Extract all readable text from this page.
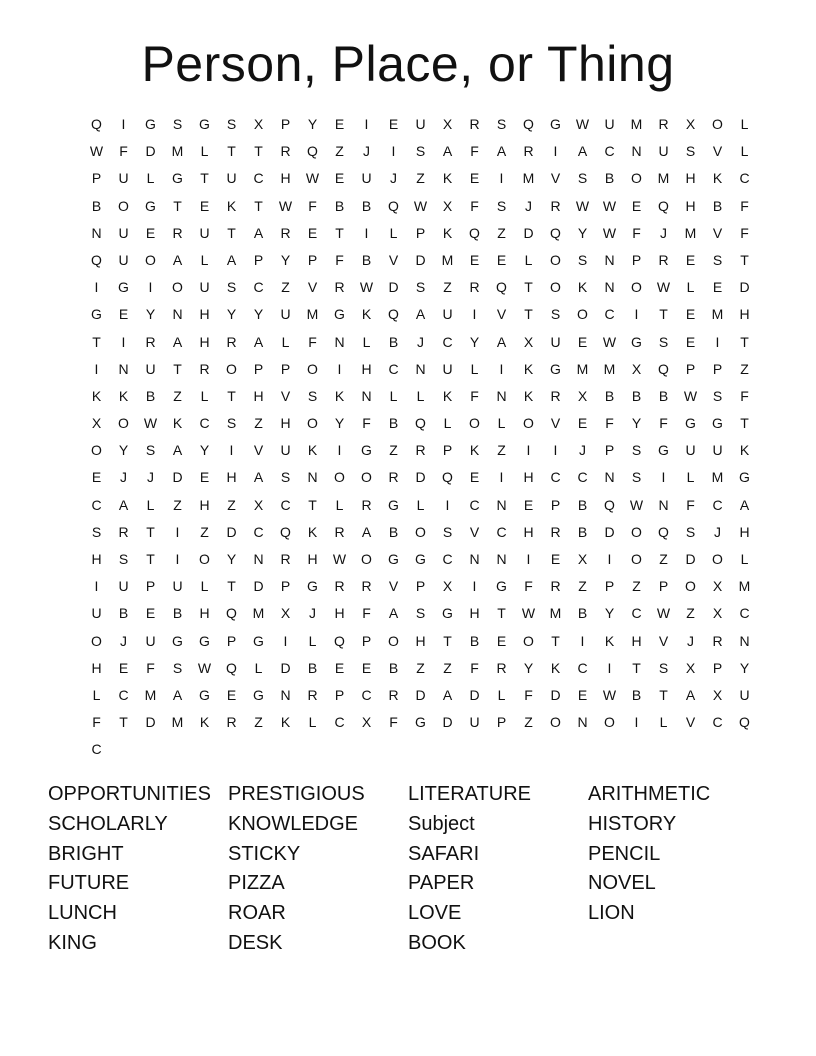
Person, Place, or Thing
Q	I	G	S	G	S	X	P	Y	E	I	E	U	X	R	S	Q	G	W	U	M	R	X	O	L
W	F	D	M	L	T	T	R	Q	Z	J	I	S	A	F	A	R	I	A	C	N	U	S	V	L
P	U	L	G	T	U	C	H	W	E	U	J	Z	K	E	I	M	V	S	B	O	M	H	K	C
B	O	G	T	E	K	T	W	F	B	B	Q	W	X	F	S	J	R	W W	E	Q	H	B	F
N	U	E	R	U	T	A	R	E	T	I	L	P	K	Q	Z	D	Q	Y	W	F	J	M	V	F
Q	U	O	A	L	A	P	Y	P	F	B	V	D	M	E	E	L	O	S	N	P	R	E	S	T
I	G	I	O	U	S	C	Z	V	R	W	D	S	Z	R	Q	T	O	K	N	O	W	L	E	D
G	E	Y	N	H	Y	Y	U	M	G	K	Q	A	U	I	V	T	S	O	C	I	T	E	M	H
T	I	R	A	H	R	A	L	F	N	L	B	J	C	Y	A	X	U	E	W	G	S	E	I	T
I	N	U	T	R	O	P	P	O	I	H	C	N	U	L	I	K	G	M	M	X	Q	P	P	Z
K	K	B	Z	L	T	H	V	S	K	N	L	L	K	F	N	K	R	X	B	B	B	W	S	F
X	O	W	K	C	S	Z	H	O	Y	F	B	Q	L	O	L	O	V	E	F	Y	F	G	G	T
O	Y	S	A	Y	I	V	U	K	I	G	Z	R	P	K	Z	I	I	J	P	S	G	U	U	K
E	J	J	D	E	H	A	S	N	O	O	R	D	Q	E	I	H	C	C	N	S	I	L	M	G
C	A	L	Z	H	Z	X	C	T	L	R	G	L	I	C	N	E	P	B	Q	W	N	F	C	A
S	R	T	I	Z	D	C	Q	K	R	A	B	O	S	V	C	H	R	B	D	O	Q	S	J	H
H	S	T	I	O	Y	N	R	H	W	O	G	G	C	N	N	I	E	X	I	O	Z	D	O	L
I	U	P	U	L	T	D	P	G	R	R	V	P	X	I	G	F	R	Z	P	Z	P	O	X	M
U	B	E	B	H	Q	M	X	J	H	F	A	S	G	H	T	W	M	B	Y	C	W	Z	X	C
O	J	U	G	G	P	G	I	L	Q	P	O	H	T	B	E	O	T	I	K	H	V	J	R	N
H	E	F	S	W	Q	L	D	B	E	E	B	Z	Z	F	R	Y	K	C	I	T	S	X	P	Y
L	C	M	A	G	E	G	N	R	P	C	R	D	A	D	L	F	D	E	W	B	T	A	X	U
F	T	D	M	K	R	Z	K	L	C	X	F	G	D	U	P	Z	O	N	O	I	L	V	C	Q
C
OPPORTUNITIES PRESTIGIOUS	LITERATURE	ARITHMETIC
SCHOLARLY	KNOWLEDGE	Subject	HISTORY
BRIGHT	STICKY	SAFARI	PENCIL
FUTURE	PIZZA	PAPER	NOVEL
LUNCH	ROAR	LOVE	LION
KING	DESK	BOOK
